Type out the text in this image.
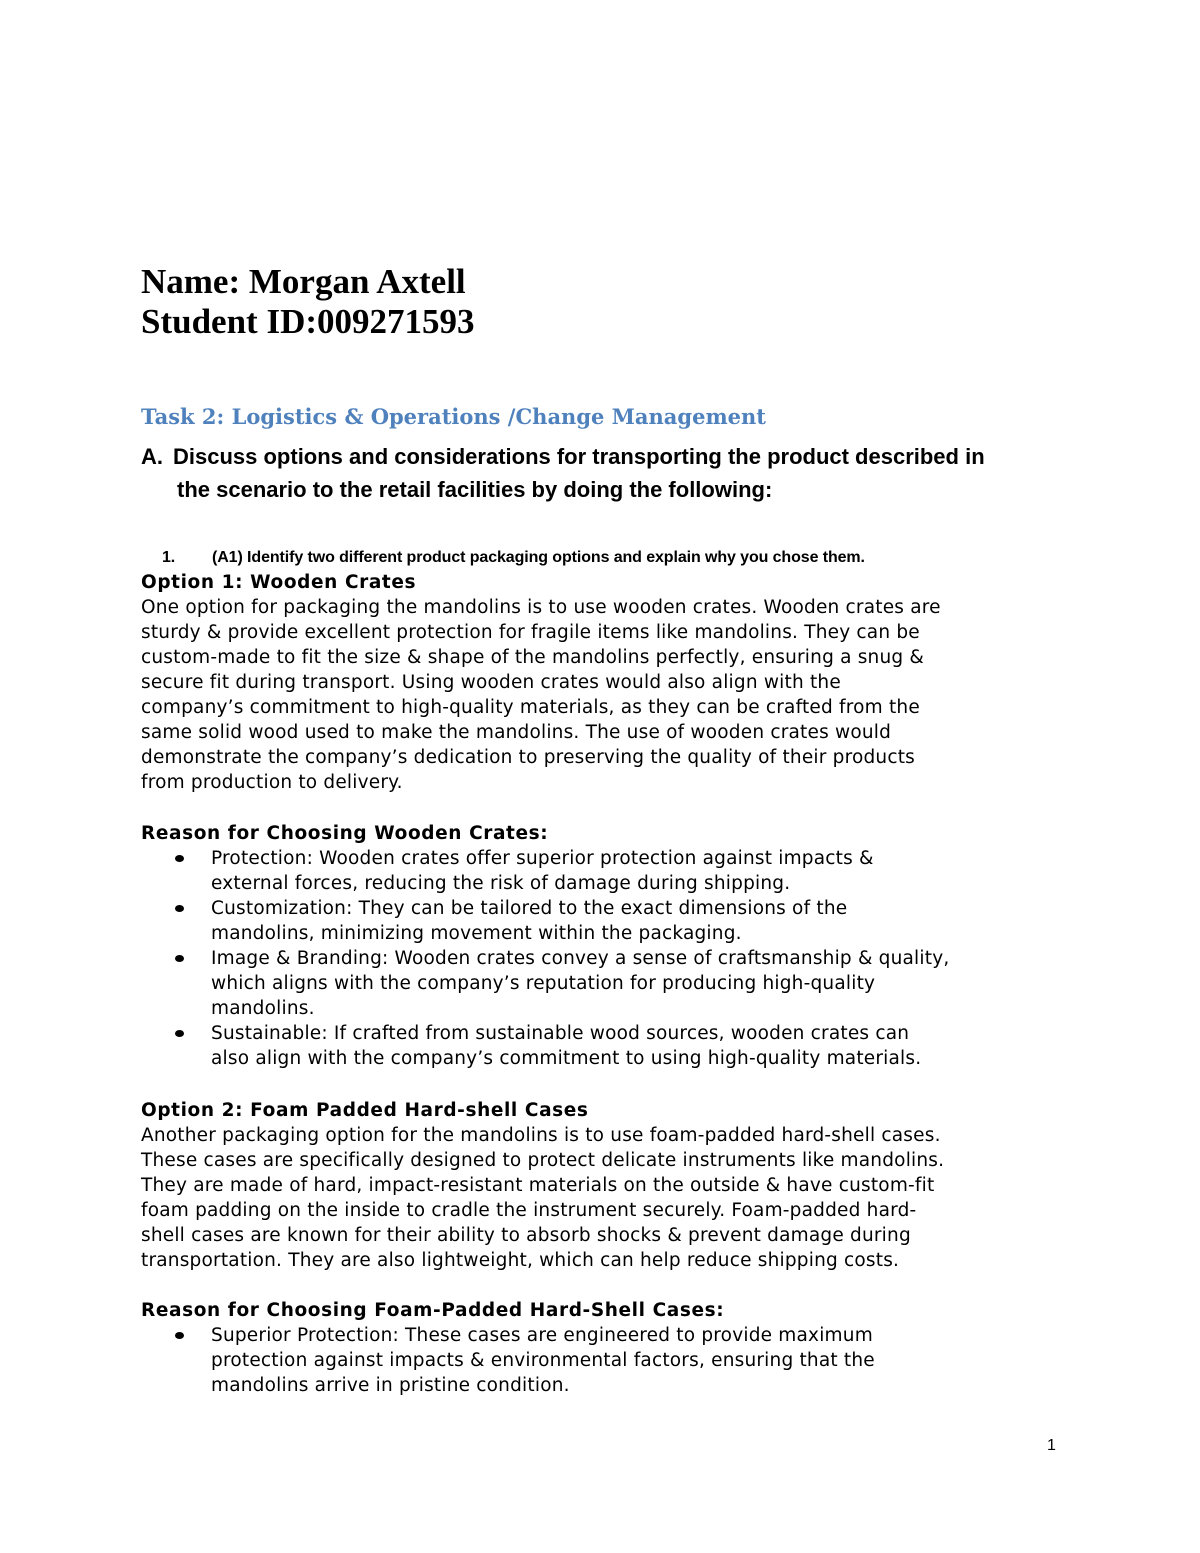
Name: Morgan Axtell
Student ID:009271593
Task 2: Logistics & Operations /Change Management
A. Discuss options and considerations for transporting the product described in
the scenario to the retail facilities by doing the following:
1. (A1) Identify two different product packaging options and explain why you chose them.
Option 1: Wooden Crates

One option for packaging the mandolins is to use wooden crates. Wooden crates are

sturdy & provide excellent protection for fragile items like mandolins. They can be

custom-made to fit the size & shape of the mandolins perfectly, ensuring a snug &

secure fit during transport. Using wooden crates would also align with the

company’s commitment to high-quality materials, as they can be crafted from the

same solid wood used to make the mandolins. The use of wooden crates would

demonstrate the company’s dedication to preserving the quality of their products

from production to delivery.

Reason for Choosing Wooden Crates:
Protection: Wooden crates offer superior protection against impacts &
external forces, reducing the risk of damage during shipping.
Customization: They can be tailored to the exact dimensions of the
mandolins, minimizing movement within the packaging.
Image & Branding: Wooden crates convey a sense of craftsmanship & quality,
which aligns with the company’s reputation for producing high-quality
mandolins.
Sustainable: If crafted from sustainable wood sources, wooden crates can
also align with the company’s commitment to using high-quality materials.
Option 2: Foam Padded Hard-shell Cases

Another packaging option for the mandolins is to use foam-padded hard-shell cases.

These cases are specifically designed to protect delicate instruments like mandolins.

They are made of hard, impact-resistant materials on the outside & have custom-fit

foam padding on the inside to cradle the instrument securely. Foam-padded hard-

shell cases are known for their ability to absorb shocks & prevent damage during

transportation. They are also lightweight, which can help reduce shipping costs.

Reason for Choosing Foam-Padded Hard-Shell Cases:
Superior Protection: These cases are engineered to provide maximum
protection against impacts & environmental factors, ensuring that the
mandolins arrive in pristine condition.
1
